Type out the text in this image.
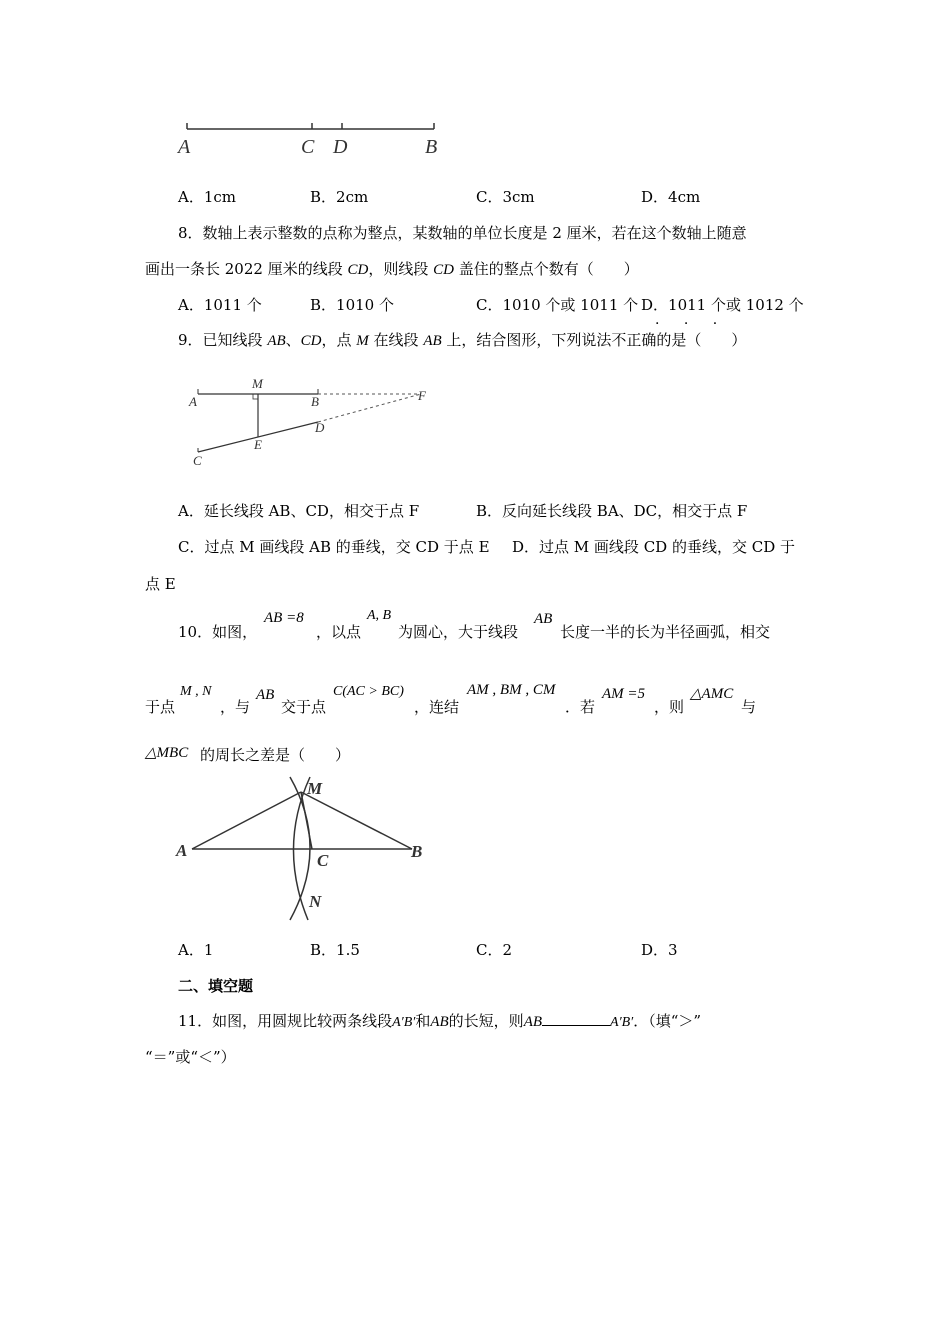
A	C D	B
A．1cm	B．2cm	C．3cm	D．4cm
8．数轴上表示整数的点称为整点，某数轴的单位长度是 2 厘米，若在这个数轴上随意
画出一条长 2022 厘米的线段 CD，则线段 CD 盖住的整点个数有（　　）
A．1011 个	B．1010 个	C．1010 个或 1011 个 D．1011 个或 1012 个
9．已知线段 AB、CD，点 M 在线段 AB 上，结合图形，下列说法不正确的是（　　）
· · ·
M
A	B	F
D
E
C
A．延长线段 AB、CD，相交于点 F	B．反向延长线段 BA、DC，相交于点 F
C．过点 M 画线段 AB 的垂线，交 CD 于点 E D．过点 M 画线段 CD 的垂线，交 CD 于
点 E
10．如图，
AB =8
，以点
A, B
为圆心，大于线段
AB
长度一半的长为半径画弧，相交
于点
M , N
，与
AB
交于点
C(AC > BC)
，连结
AM , BM , CM
．若
AM =5
，则
△AMC
与
△MBC 的周长之差是（　　）
M
A
C	B
N
A．1	B．1.5	C．2	D．3
二、填空题
11．如图，用圆规比较两条线段A′B′和AB的长短，则AB	A′B′．（填“＞”
“＝”或“＜”）
